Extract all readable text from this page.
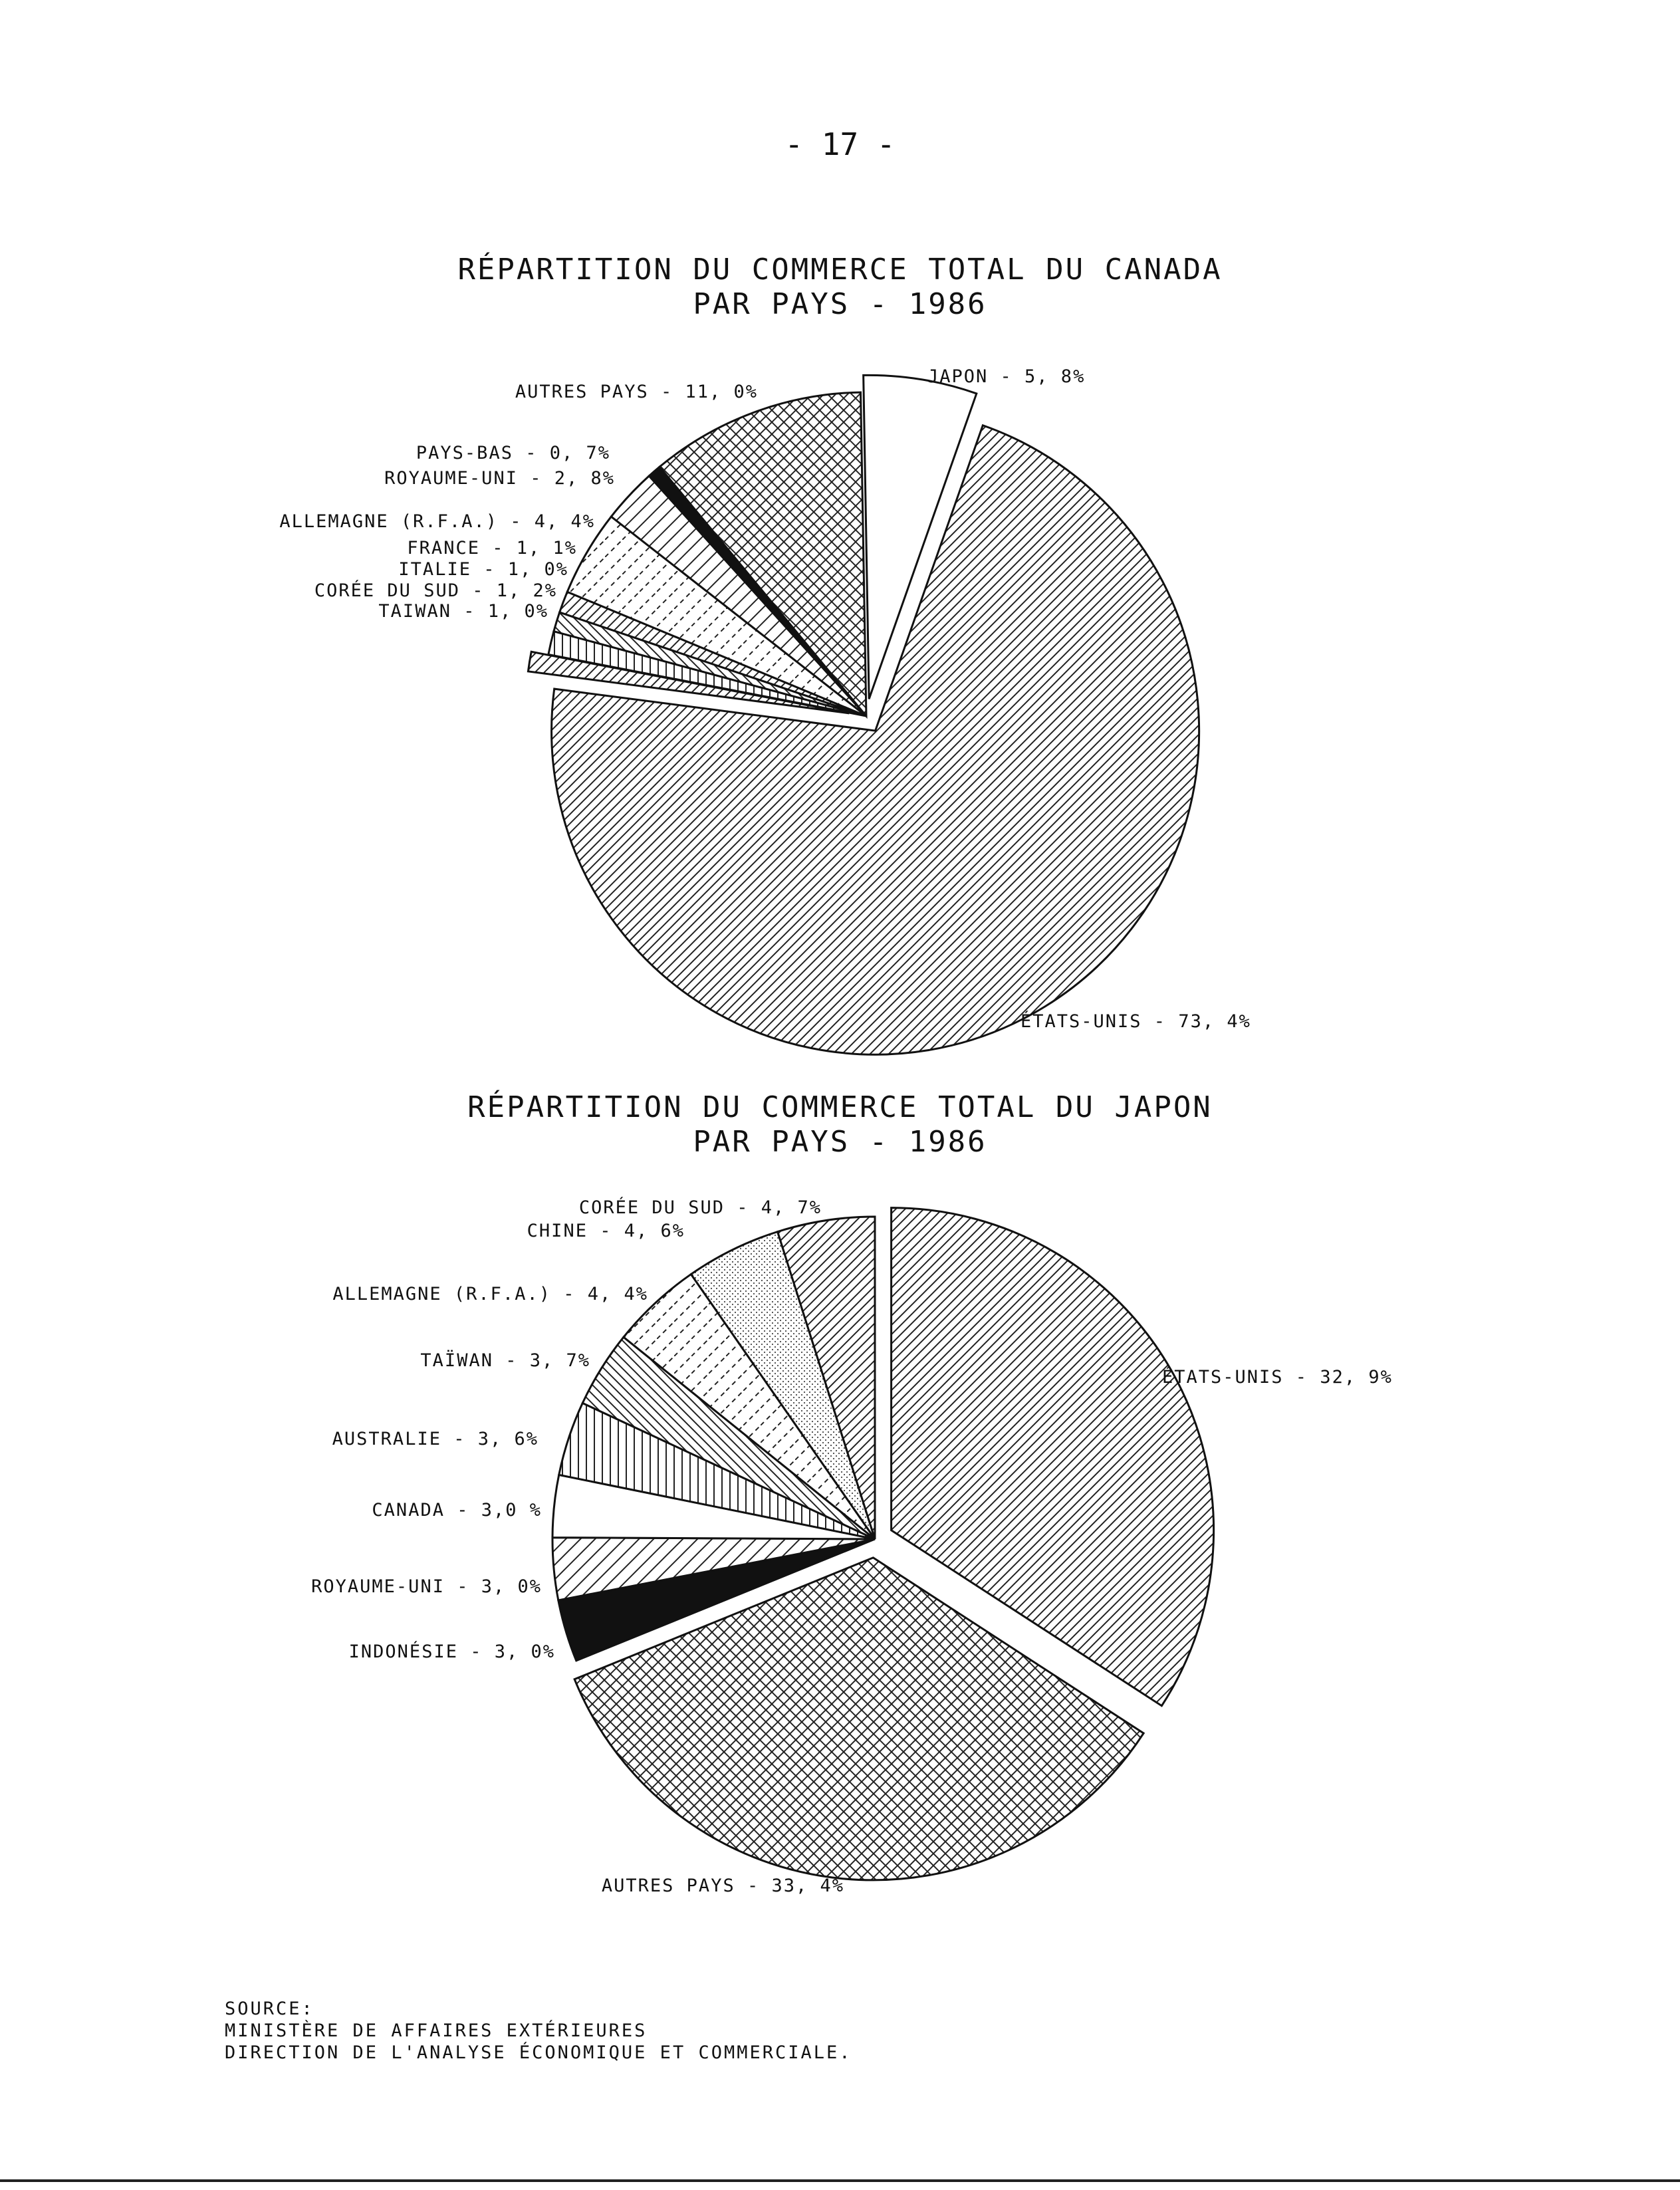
- 17 -
RÉPARTITION DU COMMERCE TOTAL DU CANADA
PAR PAYS - 1986
JAPON - 5, 8%
ÉTATS-UNIS - 73, 4%
TAIWAN - 1, 0%
CORÉE DU SUD - 1, 2%
ITALIE - 1, 0%
FRANCE - 1, 1%
ALLEMAGNE (R.F.A.) - 4, 4%
ROYAUME-UNI - 2, 8%
PAYS-BAS - 0, 7%
AUTRES PAYS - 11, 0%
RÉPARTITION DU COMMERCE TOTAL DU JAPON
PAR PAYS - 1986
ÉTATS-UNIS - 32, 9%
AUTRES PAYS - 33, 4%
INDONÉSIE - 3, 0%
ROYAUME-UNI - 3, 0%
CANADA - 3,0 %
AUSTRALIE - 3, 6%
TAÏWAN - 3, 7%
ALLEMAGNE (R.F.A.) - 4, 4%
CHINE - 4, 6%
CORÉE DU SUD - 4, 7%
SOURCE:
MINISTÈRE DE AFFAIRES EXTÉRIEURES
DIRECTION DE L'ANALYSE ÉCONOMIQUE ET COMMERCIALE.
